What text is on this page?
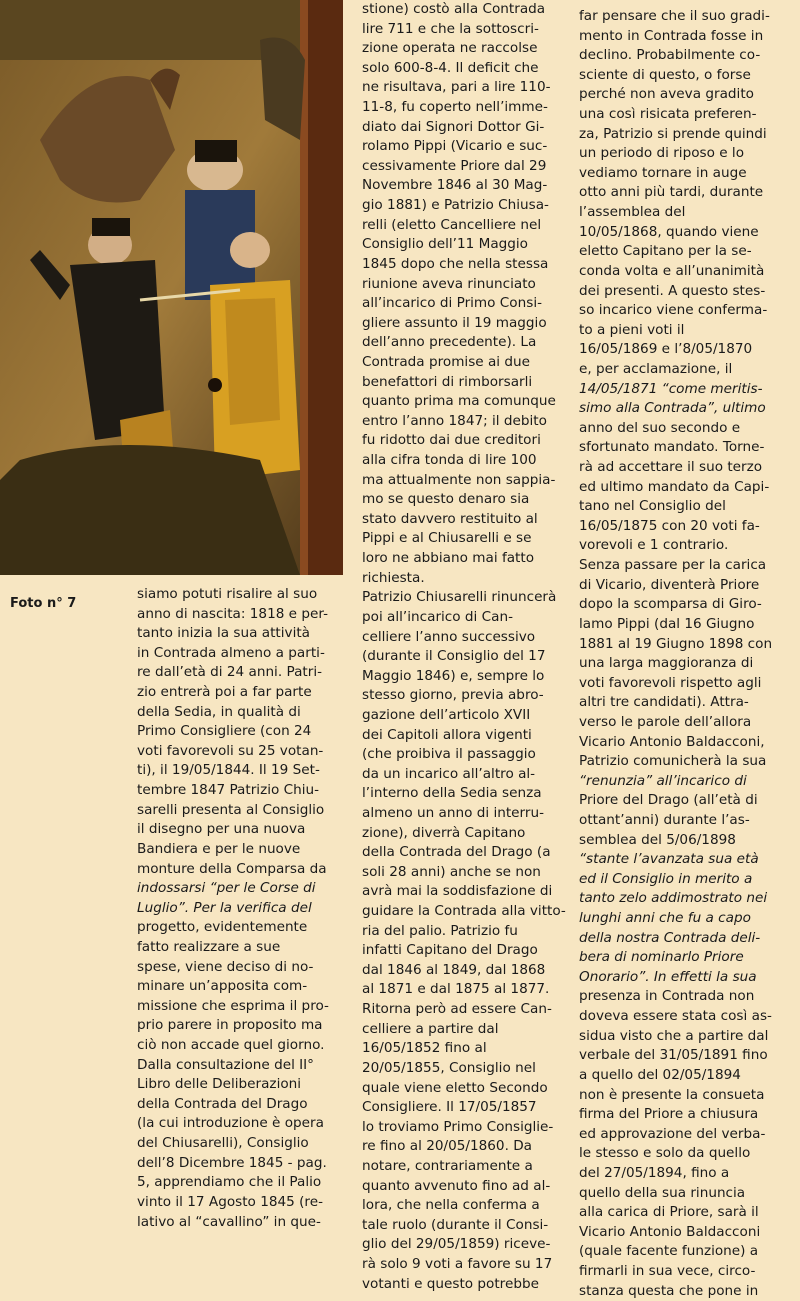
Foto n° 7
siamo potuti risalire al suo
anno di nascita: 1818 e per-
tanto inizia la sua attività
in Contrada almeno a parti-
re dall’età di 24 anni. Patri-
zio entrerà poi a far parte
della Sedia, in qualità di
Primo Consigliere (con 24
voti favorevoli su 25 votan-
ti), il 19/05/1844. Il 19 Set-
tembre 1847 Patrizio Chiu-
sarelli presenta al Consiglio
il disegno per una nuova
Bandiera e per le nuove
monture della Comparsa da
indossarsi “per le Corse di
Luglio”. Per la verifica del
progetto, evidentemente
fatto realizzare a sue
spese, viene deciso di no-
minare un’apposita com-
missione che esprima il pro-
prio parere in proposito ma
ciò non accade quel giorno.
Dalla consultazione del II°
Libro delle Deliberazioni
della Contrada del Drago
(la cui introduzione è opera
del Chiusarelli), Consiglio
dell’8 Dicembre 1845 - pag.
5, apprendiamo che il Palio
vinto il 17 Agosto 1845 (re-
lativo al “cavallino” in que-
stione) costò alla Contrada
lire 711 e che la sottoscri-
zione operata ne raccolse
solo 600-8-4. Il deficit che
ne risultava, pari a lire 110-
11-8, fu coperto nell’imme-
diato dai Signori Dottor Gi-
rolamo Pippi (Vicario e suc-
cessivamente Priore dal 29
Novembre 1846 al 30 Mag-
gio 1881) e Patrizio Chiusa-
relli (eletto Cancelliere nel
Consiglio dell’11 Maggio
1845 dopo che nella stessa
riunione aveva rinunciato
all’incarico di Primo Consi-
gliere assunto il 19 maggio
dell’anno precedente). La
Contrada promise ai due
benefattori di rimborsarli
quanto prima ma comunque
entro l’anno 1847; il debito
fu ridotto dai due creditori
alla cifra tonda di lire 100
ma attualmente non sappia-
mo se questo denaro sia
stato davvero restituito al
Pippi e al Chiusarelli e se
loro ne abbiano mai fatto
richiesta.
Patrizio Chiusarelli rinuncerà
poi all’incarico di Can-
celliere l’anno successivo
(durante il Consiglio del 17
Maggio 1846) e, sempre lo
stesso giorno, previa abro-
gazione dell’articolo XVII
dei Capitoli allora vigenti
(che proibiva il passaggio
da un incarico all’altro al-
l’interno della Sedia senza
almeno un anno di interru-
zione), diverrà Capitano
della Contrada del Drago (a
soli 28 anni) anche se non
avrà mai la soddisfazione di
guidare la Contrada alla vitto-
ria del palio. Patrizio fu
infatti Capitano del Drago
dal 1846 al 1849, dal 1868
al 1871 e dal 1875 al 1877.
Ritorna però ad essere Can-
celliere a partire dal
16/05/1852 fino al
20/05/1855, Consiglio nel
quale viene eletto Secondo
Consigliere. Il 17/05/1857
lo troviamo Primo Consiglie-
re fino al 20/05/1860. Da
notare, contrariamente a
quanto avvenuto fino ad al-
lora, che nella conferma a
tale ruolo (durante il Consi-
glio del 29/05/1859) riceve-
rà solo 9 voti a favore su 17
votanti e questo potrebbe
far pensare che il suo gradi-
mento in Contrada fosse in
declino. Probabilmente co-
sciente di questo, o forse
perché non aveva gradito
una così risicata preferen-
za, Patrizio si prende quindi
un periodo di riposo e lo
vediamo tornare in auge
otto anni più tardi, durante
l’assemblea del
10/05/1868, quando viene
eletto Capitano per la se-
conda volta e all’unanimità
dei presenti. A questo stes-
so incarico viene conferma-
to a pieni voti il
16/05/1869 e l’8/05/1870
e, per acclamazione, il
14/05/1871 “come meritis-
simo alla Contrada”, ultimo
anno del suo secondo e
sfortunato mandato. Torne-
rà ad accettare il suo terzo
ed ultimo mandato da Capi-
tano nel Consiglio del
16/05/1875 con 20 voti fa-
vorevoli e 1 contrario.
Senza passare per la carica
di Vicario, diventerà Priore
dopo la scomparsa di Giro-
lamo Pippi (dal 16 Giugno
1881 al 19 Giugno 1898 con
una larga maggioranza di
voti favorevoli rispetto agli
altri tre candidati). Attra-
verso le parole dell’allora
Vicario Antonio Baldacconi,
Patrizio comunicherà la sua
“renunzia” all’incarico di
Priore del Drago (all’età di
ottant’anni) durante l’as-
semblea del 5/06/1898
“stante l’avanzata sua età
ed il Consiglio in merito a
tanto zelo addimostrato nei
lunghi anni che fu a capo
della nostra Contrada deli-
bera di nominarlo Priore
Onorario”. In effetti la sua
presenza in Contrada non
doveva essere stata così as-
sidua visto che a partire dal
verbale del 31/05/1891 fino
a quello del 02/05/1894
non è presente la consueta
firma del Priore a chiusura
ed approvazione del verba-
le stesso e solo da quello
del 27/05/1894, fino a
quello della sua rinuncia
alla carica di Priore, sarà il
Vicario Antonio Baldacconi
(quale facente funzione) a
firmarli in sua vece, circo-
stanza questa che pone in
